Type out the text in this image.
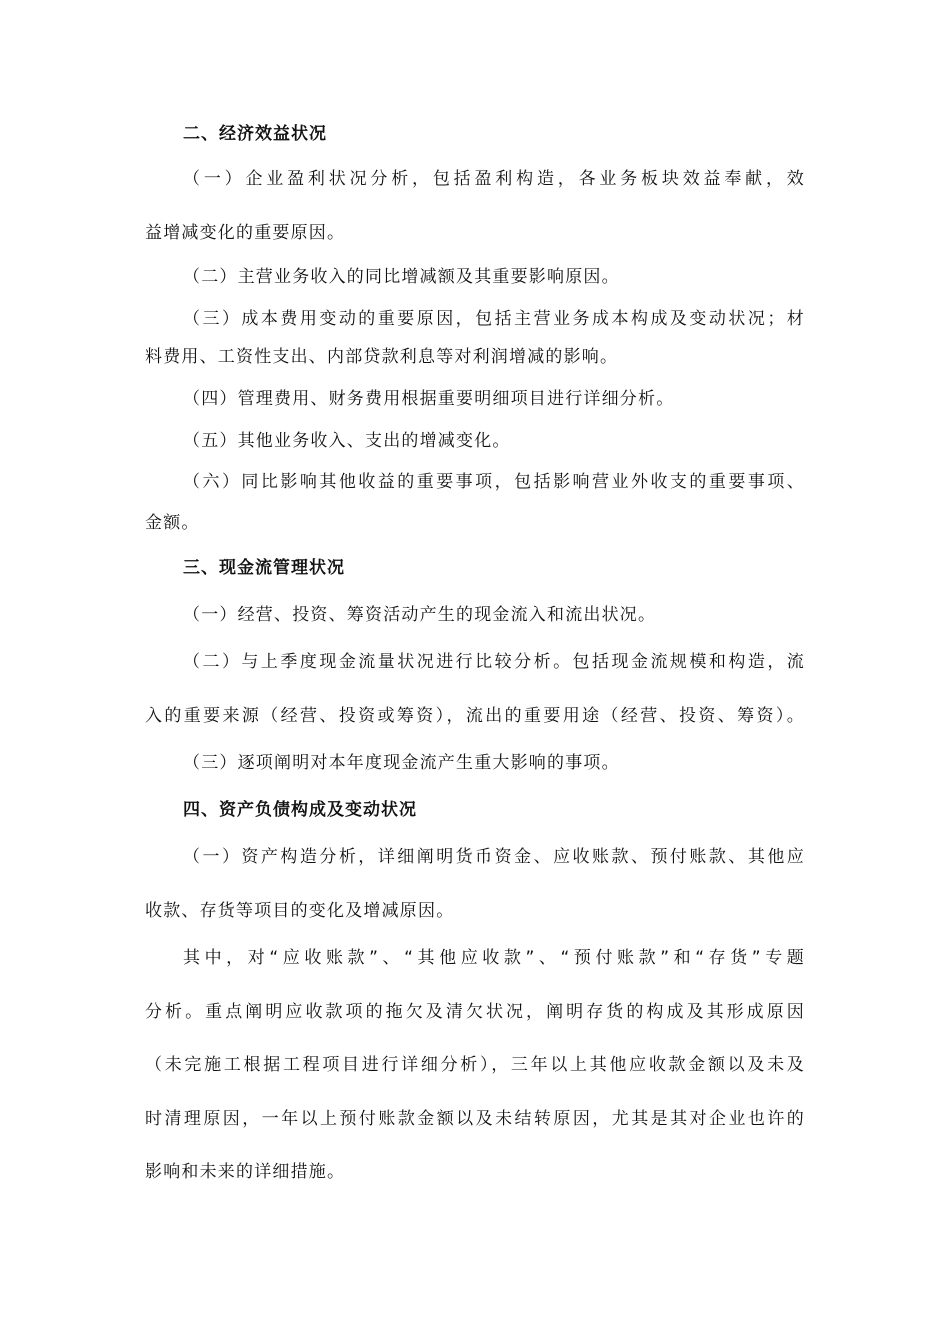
二、经济效益状况
（一）企业盈利状况分析，包括盈利构造，各业务板块效益奉献，效
益增减变化的重要原因。
（二）主营业务收入的同比增减额及其重要影响原因。
（三）成本费用变动的重要原因，包括主营业务成本构成及变动状况；材
料费用、工资性支出、内部贷款利息等对利润增减的影响。
（四）管理费用、财务费用根据重要明细项目进行详细分析。
（五）其他业务收入、支出的增减变化。
（六）同比影响其他收益的重要事项，包括影响营业外收支的重要事项、
金额。
三、现金流管理状况
（一）经营、投资、筹资活动产生的现金流入和流出状况。
（二）与上季度现金流量状况进行比较分析。包括现金流规模和构造，流
入的重要来源（经营、投资或筹资），流出的重要用途（经营、投资、筹资）。
（三）逐项阐明对本年度现金流产生重大影响的事项。
四、资产负债构成及变动状况
（一）资产构造分析，详细阐明货币资金、应收账款、预付账款、其他应
收款、存货等项目的变化及增减原因。
其中，对“应收账款”、“其他应收款”、“预付账款”和“存货”专题
分析。重点阐明应收款项的拖欠及清欠状况，阐明存货的构成及其形成原因
（未完施工根据工程项目进行详细分析），三年以上其他应收款金额以及未及
时清理原因，一年以上预付账款金额以及未结转原因，尤其是其对企业也许的
影响和未来的详细措施。
